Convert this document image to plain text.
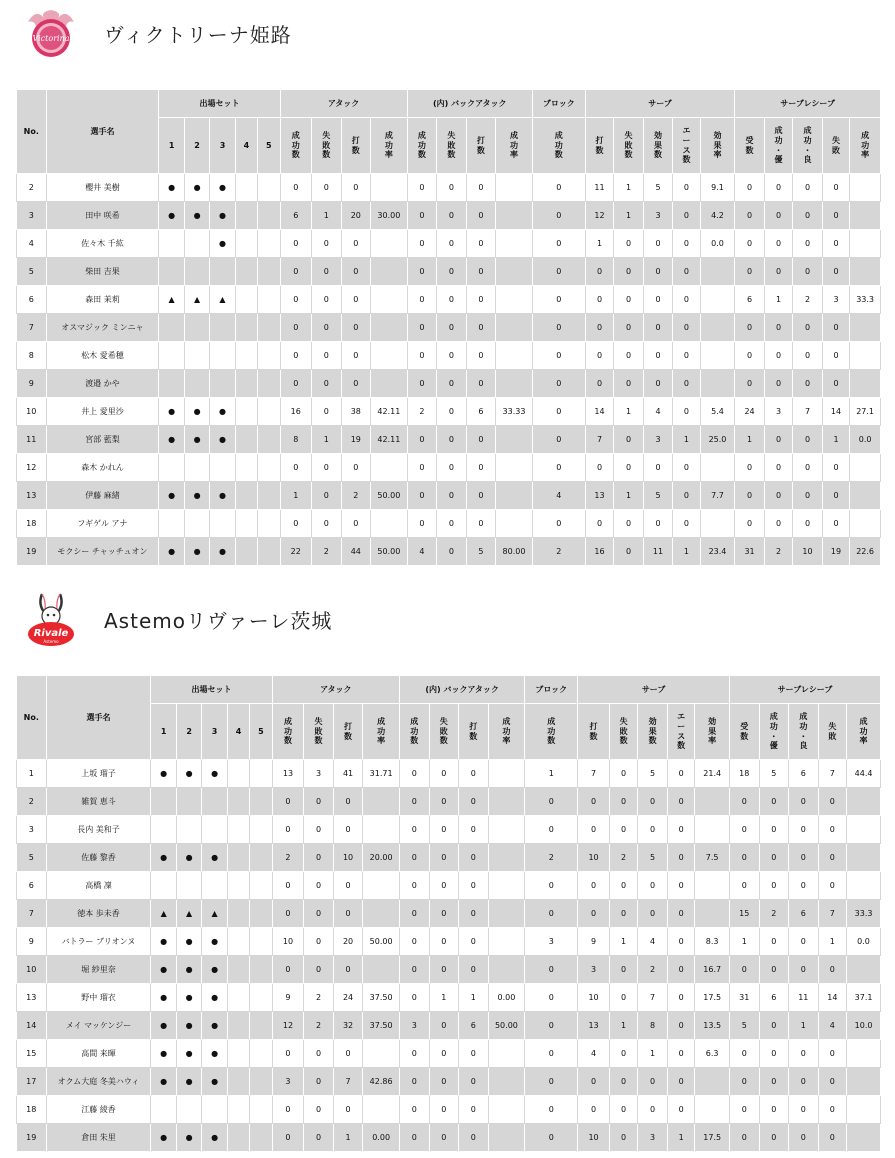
Victorina ヴィクトリーナ姫路
No.	選手名	出場セット					アタック				(内) バックアタック				ブロック	サーブ					サーブレシーブ				
		1	2	3	4	5	成
功
数	失
敗
数	打
数	成
功
率	成
功
数	失
敗
数	打
数	成
功
率	成
功
数	打
数	失
敗
数	効
果
数	エ
ー
ス
数	効
果
率	受
数	成
功
・
優	成
功
・
良	失
敗	成
功
率

2	櫻井 美樹	●	●	●			0	0	0		0	0	0		0	11	1	5	0	9.1	0	0	0	0	
3	田中 咲希	●	●	●			6	1	20	30.00	0	0	0		0	12	1	3	0	4.2	0	0	0	0	
4	佐々木 千紘			●			0	0	0		0	0	0		0	1	0	0	0	0.0	0	0	0	0	
5	柴田 吉果						0	0	0		0	0	0		0	0	0	0	0		0	0	0	0	
6	森田 茉莉	▲	▲	▲			0	0	0		0	0	0		0	0	0	0	0		6	1	2	3	33.3
7	オスマジック ミンニャ						0	0	0		0	0	0		0	0	0	0	0		0	0	0	0	
8	松木 愛希穂						0	0	0		0	0	0		0	0	0	0	0		0	0	0	0	
9	渡邉 かや						0	0	0		0	0	0		0	0	0	0	0		0	0	0	0	
10	井上 愛里沙	●	●	●			16	0	38	42.11	2	0	6	33.33	0	14	1	4	0	5.4	24	3	7	14	27.1
11	宮部 藍梨	●	●	●			8	1	19	42.11	0	0	0		0	7	0	3	1	25.0	1	0	0	1	0.0
12	森木 かれん						0	0	0		0	0	0		0	0	0	0	0		0	0	0	0	
13	伊藤 麻緒	●	●	●			1	0	2	50.00	0	0	0		4	13	1	5	0	7.7	0	0	0	0	
18	フギゲル アナ						0	0	0		0	0	0		0	0	0	0	0		0	0	0	0	
19	モクシー チャッチュオン	●	●	●			22	2	44	50.00	4	0	5	80.00	2	16	0	11	1	23.4	31	2	10	19	22.6
Rivale
Astemo
Astemoリヴァーレ茨城
No.	選手名	出場セット					アタック				(内) バックアタック				ブロック	サーブ					サーブレシーブ				
		1	2	3	4	5	成
功
数	失
敗
数	打
数	成
功
率	成
功
数	失
敗
数	打
数	成
功
率	成
功
数	打
数	失
敗
数	効
果
数	エ
ー
ス
数	効
果
率	受
数	成
功
・
優	成
功
・
良	失
敗	成
功
率

1	上坂 瑠子	●	●	●			13	3	41	31.71	0	0	0		1	7	0	5	0	21.4	18	5	6	7	44.4
2	雑賀 恵斗						0	0	0		0	0	0		0	0	0	0	0		0	0	0	0	
3	長内 美和子						0	0	0		0	0	0		0	0	0	0	0		0	0	0	0	
5	佐藤 黎香	●	●	●			2	0	10	20.00	0	0	0		2	10	2	5	0	7.5	0	0	0	0	
6	高橋 凜						0	0	0		0	0	0		0	0	0	0	0		0	0	0	0	
7	徳本 歩未香	▲	▲	▲			0	0	0		0	0	0		0	0	0	0	0		15	2	6	7	33.3
9	バトラー ブリオンヌ	●	●	●			10	0	20	50.00	0	0	0		3	9	1	4	0	8.3	1	0	0	1	0.0
10	堀 紗里奈	●	●	●			0	0	0		0	0	0		0	3	0	2	0	16.7	0	0	0	0	
13	野中 瑠衣	●	●	●			9	2	24	37.50	0	1	1	0.00	0	10	0	7	0	17.5	31	6	11	14	37.1
14	メイ マッケンジー	●	●	●			12	2	32	37.50	3	0	6	50.00	0	13	1	8	0	13.5	5	0	1	4	10.0
15	高間 来暉	●	●	●			0	0	0		0	0	0		0	4	0	1	0	6.3	0	0	0	0	
17	オクム大庭 冬美ハウィ	●	●	●			3	0	7	42.86	0	0	0		0	0	0	0	0		0	0	0	0	
18	江藤 綾香						0	0	0		0	0	0		0	0	0	0	0		0	0	0	0	
19	倉田 朱里	●	●	●			0	0	1	0.00	0	0	0		0	10	0	3	1	17.5	0	0	0	0	
